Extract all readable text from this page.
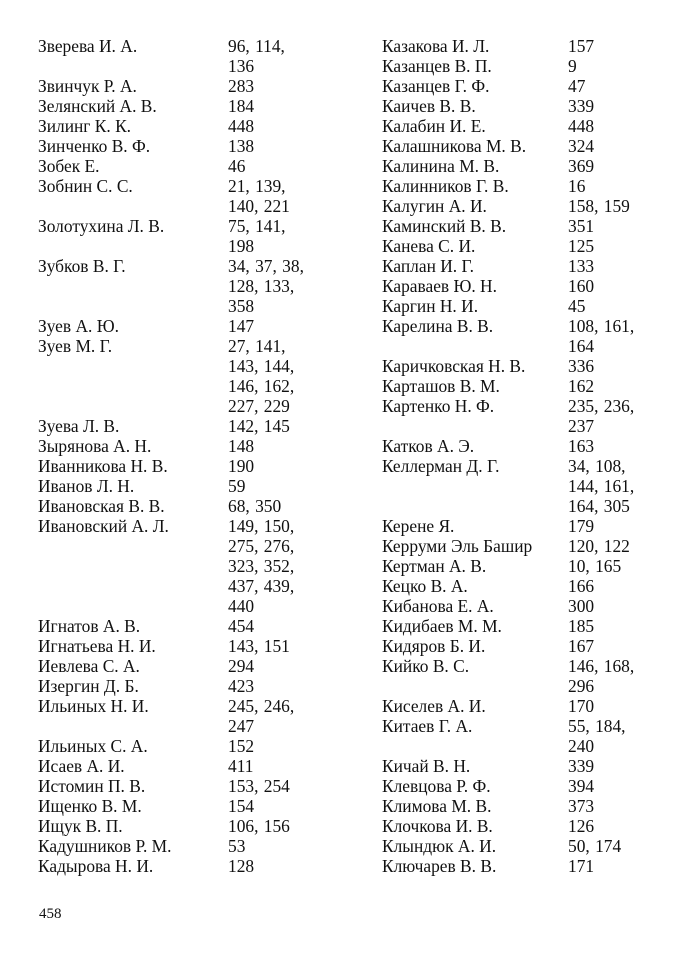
Зверева И. А.	96, 114, 136
Звинчук Р. А.	283
Зелянский А. В.	184
Зилинг К. К.	448
Зинченко В. Ф.	138
Зобек Е.	46
Зобнин С. С.	21, 139, 140, 221
Золотухина Л. В.	75, 141, 198
Зубков В. Г.	34, 37, 38, 128, 133, 358
Зуев А. Ю.	147
Зуев М. Г.	27, 141, 143, 144, 146, 162, 227, 229
Зуева Л. В.	142, 145
Зырянова А. Н.	148
Иванникова Н. В.	190
Иванов Л. Н.	59
Ивановская В. В.	68, 350
Ивановский А. Л.	149, 150, 275, 276, 323, 352, 437, 439, 440
Игнатов А. В.	454
Игнатьева Н. И.	143, 151
Иевлева С. А.	294
Изергин Д. Б.	423
Ильиных Н. И.	245, 246, 247
Ильиных С. А.	152
Исаев А. И.	411
Истомин П. В.	153, 254
Ищенко В. М.	154
Ищук В. П.	106, 156
Кадушников Р. М.	53
Кадырова Н. И.	128
Казакова И. Л.	157
Казанцев В. П.	9
Казанцев Г. Ф.	47
Каичев В. В.	339
Калабин И. Е.	448
Калашникова М. В.	324
Калинина М. В.	369
Калинников Г. В.	16
Калугин А. И.	158, 159
Каминский В. В.	351
Канева С. И.	125
Каплан И. Г.	133
Караваев Ю. Н.	160
Каргин Н. И.	45
Карелина В. В.	108, 161, 164
Каричковская Н. В.	336
Карташов В. М.	162
Картенко Н. Ф.	235, 236, 237
Катков А. Э.	163
Келлерман Д. Г.	34, 108, 144, 161, 164, 305
Керене Я.	179
Керруми Эль Башир	120, 122
Кертман А. В.	10, 165
Кецко В. А.	166
Кибанова Е. А.	300
Кидибаев М. М.	185
Кидяров Б. И.	167
Кийко В. С.	146, 168, 296
Киселев А. И.	170
Китаев Г. А.	55, 184, 240
Кичай В. Н.	339
Клевцова Р. Ф.	394
Климова М. В.	373
Клочкова И. В.	126
Клындюк А. И.	50, 174
Ключарев В. В.	171
458
